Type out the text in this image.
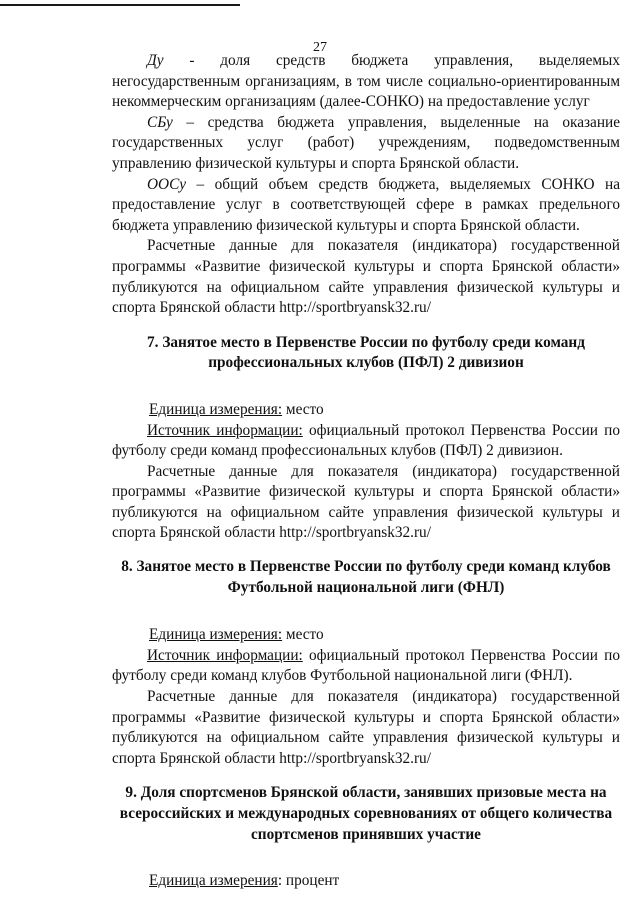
27

Ду - доля средств бюджета управления, выделяемых негосударственным организациям, в том числе социально-ориентированным некоммерческим организациям (далее-СОНКО) на предоставление услуг

СБу – средства бюджета управления, выделенные на оказание государственных услуг (работ) учреждениям, подведомственным управлению физической культуры и спорта Брянской области.

ООСу – общий объем средств бюджета, выделяемых СОНКО на предоставление услуг в соответствующей сфере в рамках предельного бюджета управлению физической культуры и спорта Брянской области.

Расчетные данные для показателя (индикатора) государственной программы «Развитие физической культуры и спорта Брянской области» публикуются на официальном сайте управления физической культуры и спорта Брянской области http://sportbryansk32.ru/

7. Занятое место в Первенстве России по футболу среди команд

профессиональных клубов (ПФЛ) 2 дивизион

Единица измерения: место

Источник информации: официальный протокол Первенства России по футболу среди команд профессиональных клубов (ПФЛ) 2 дивизион.

Расчетные данные для показателя (индикатора) государственной программы «Развитие физической культуры и спорта Брянской области» публикуются на официальном сайте управления физической культуры и спорта Брянской области http://sportbryansk32.ru/

8. Занятое место в Первенстве России по футболу среди команд клубов

Футбольной национальной лиги (ФНЛ)

Единица измерения: место

Источник информации: официальный протокол Первенства России по футболу среди команд клубов Футбольной национальной лиги (ФНЛ).

Расчетные данные для показателя (индикатора) государственной программы «Развитие физической культуры и спорта Брянской области» публикуются на официальном сайте управления физической культуры и спорта Брянской области http://sportbryansk32.ru/

9. Доля спортсменов Брянской области, занявших призовые места на

всероссийских и международных соревнованиях от общего количества

спортсменов принявших участие

Единица измерения: процент
